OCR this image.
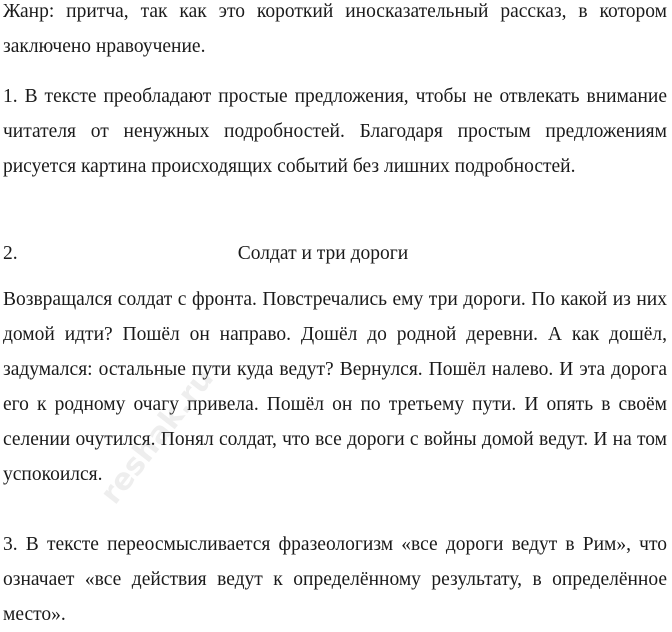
Жанр: притча, так как это короткий иносказательный рассказ, в котором заключено нравоучение.

1. В тексте преобладают простые предложения, чтобы не отвлекать внимание читателя от ненужных подробностей. Благодаря простым предложениям рисуется картина происходящих событий без лишних подробностей.

2.	Солдат и три дороги

Возвращался солдат с фронта. Повстречались ему три дороги. По какой из них домой идти? Пошёл он направо. Дошёл до родной деревни. А как дошёл, задумался: остальные пути куда ведут? Вернулся. Пошёл налево. И эта дорога его к родному очагу привела. Пошёл он по третьему пути. И опять в своём селении очутился. Понял солдат, что все дороги с войны домой ведут. И на том успокоился.

3. В тексте переосмысливается фразеологизм «все дороги ведут в Рим», что означает «все действия ведут к определённому результату, в определённое место».

reshak.ru
